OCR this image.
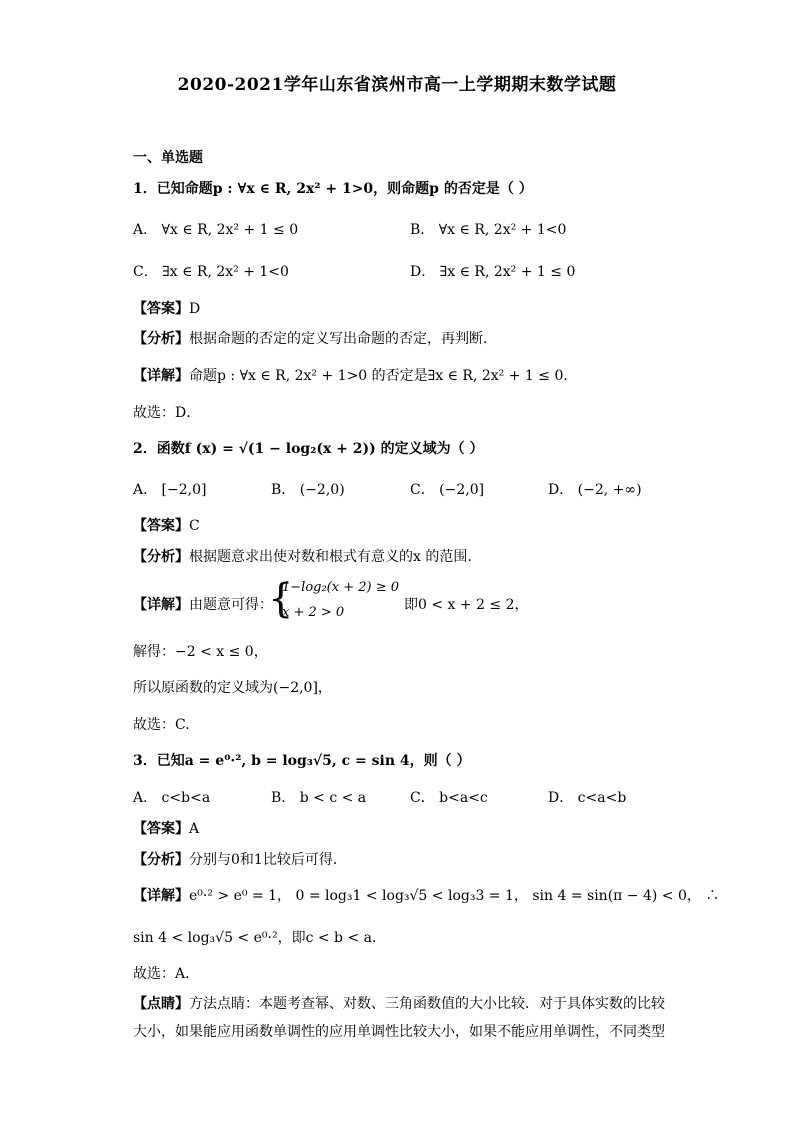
2020-2021学年山东省滨州市高一上学期期末数学试题
一、单选题
1．已知命题p : ∀x ∈ R, 2x² + 1>0，则命题p 的否定是（ ）
A． ∀x ∈ R, 2x² + 1 ≤ 0	B． ∀x ∈ R, 2x² + 1<0
C． ∃x ∈ R, 2x² + 1<0	D． ∃x ∈ R, 2x² + 1 ≤ 0
【答案】D
【分析】根据命题的否定的定义写出命题的否定，再判断．
【详解】命题p : ∀x ∈ R, 2x² + 1>0 的否定是∃x ∈ R, 2x² + 1 ≤ 0．
故选：D．
2．函数f (x) = √(1 − log₂(x + 2)) 的定义域为（ ）
A． [−2,0]	B． (−2,0)	C． (−2,0]	D． (−2, +∞)
【答案】C
【分析】根据题意求出使对数和根式有意义的x 的范围.
【详解】由题意可得：
{
1−log₂(x + 2) ≥ 0
x + 2 > 0	即0 < x + 2 ≤ 2，
解得：−2 < x ≤ 0，
所以原函数的定义域为(−2,0]，
故选：C.
3．已知a = e⁰·², b = log₃√5, c = sin 4，则（ ）
A． c<b<a	B． b < c < a	C． b<a<c	D． c<a<b
【答案】A
【分析】分别与0和1比较后可得．
【详解】e⁰·² > e⁰ = 1， 0 = log₃1 < log₃√5 < log₃3 = 1， sin 4 = sin(π − 4) < 0， ∴
sin 4 < log₃√5 < e⁰·²，即c < b < a．
故选：A．
【点睛】方法点睛：本题考查幂、对数、三角函数值的大小比较．对于具体实数的比较
大小，如果能应用函数单调性的应用单调性比较大小，如果不能应用单调性，不同类型
